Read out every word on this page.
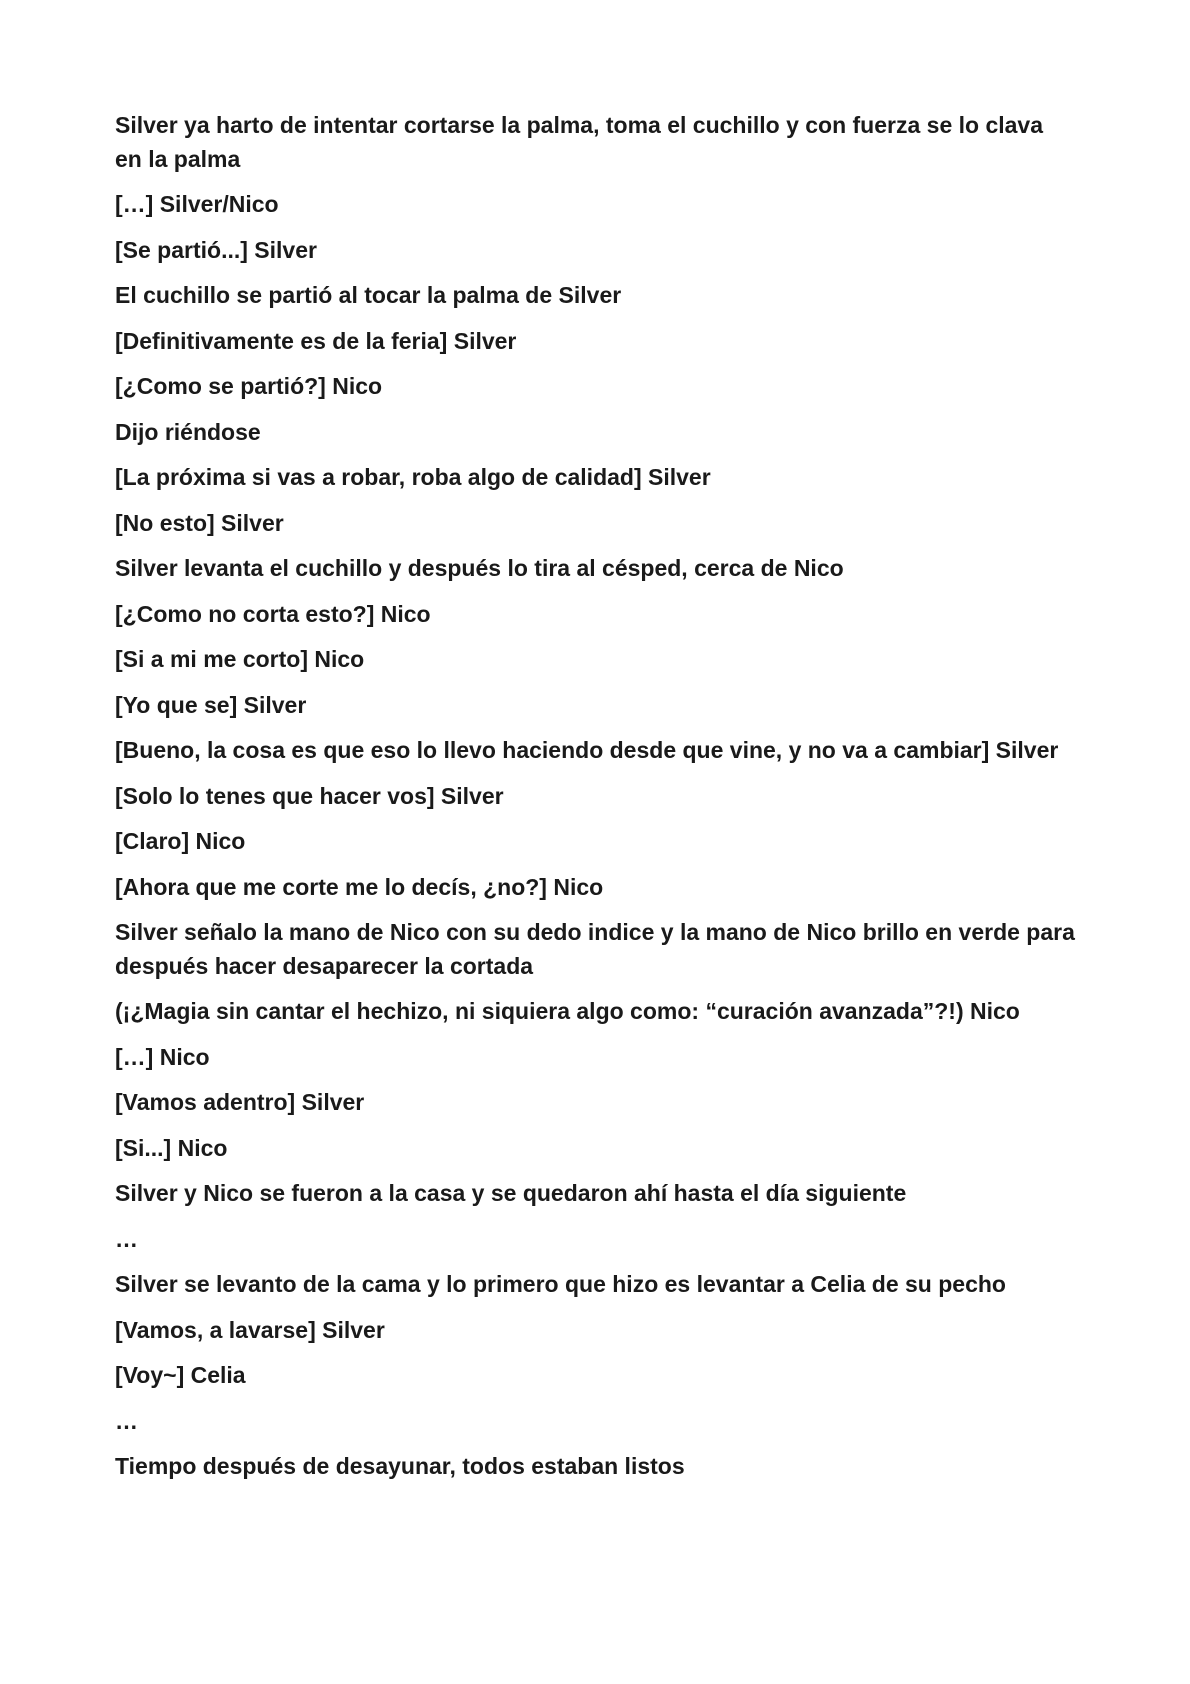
Silver ya harto de intentar cortarse la palma, toma el cuchillo y con fuerza se lo clava en la palma

[…] Silver/Nico

[Se partió...] Silver

El cuchillo se partió al tocar la palma de Silver

[Definitivamente es de la feria] Silver

[¿Como se partió?] Nico

Dijo riéndose

[La próxima si vas a robar, roba algo de calidad] Silver

[No esto] Silver

Silver levanta el cuchillo y después lo tira al césped, cerca de Nico

[¿Como no corta esto?] Nico

[Si a mi me corto] Nico

[Yo que se] Silver

[Bueno, la cosa es que eso lo llevo haciendo desde que vine, y no va a cambiar] Silver

[Solo lo tenes que hacer vos] Silver

[Claro] Nico

[Ahora que me corte me lo decís, ¿no?] Nico

Silver señalo la mano de Nico con su dedo indice y la mano de Nico brillo en verde para después hacer desaparecer la cortada

(¡¿Magia sin cantar el hechizo, ni siquiera algo como: “curación avanzada”?!) Nico

[…] Nico

[Vamos adentro] Silver

[Si...] Nico

Silver y Nico se fueron a la casa y se quedaron ahí hasta el día siguiente

…

Silver se levanto de la cama y lo primero que hizo es levantar a Celia de su pecho

[Vamos, a lavarse] Silver

[Voy~] Celia

…

Tiempo después de desayunar, todos estaban listos
